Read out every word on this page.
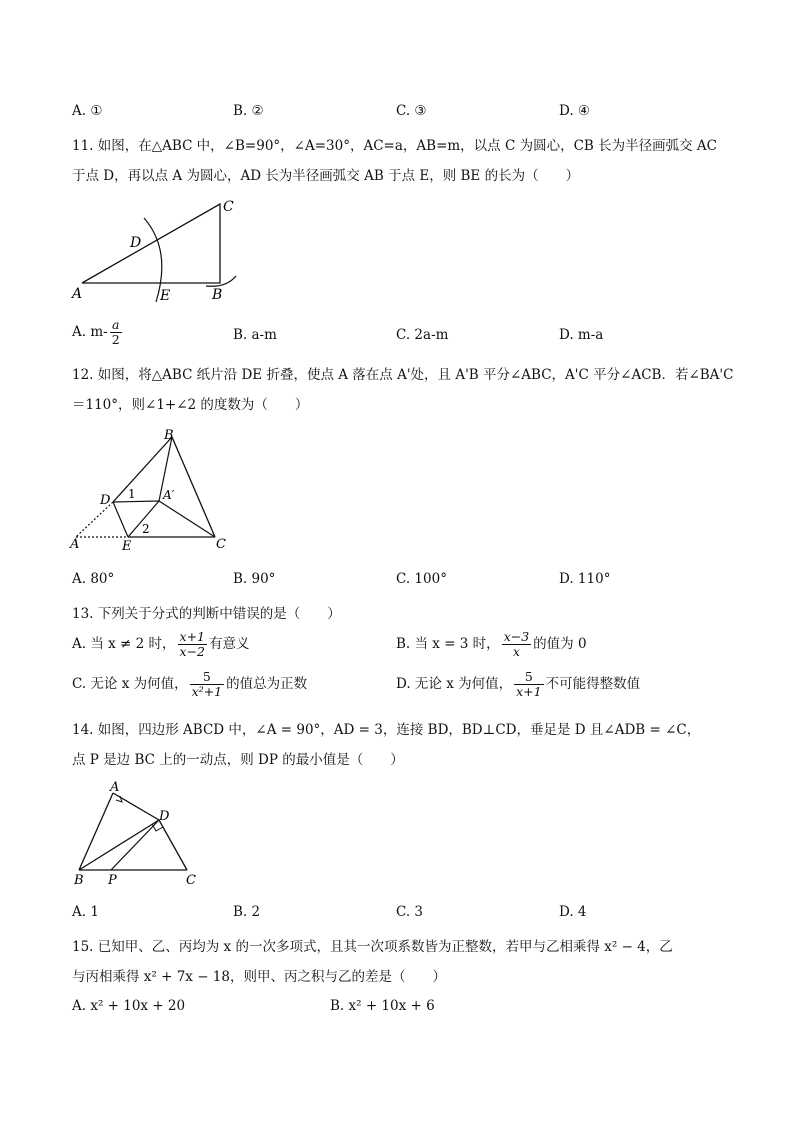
A. ①	B. ②	C. ③	D. ④
11. 如图，在△ABC 中，∠B=90°，∠A=30°，AC=a，AB=m，以点 C 为圆心，CB 长为半径画弧交 AC
于点 D，再以点 A 为圆心，AD 长为半径画弧交 AB 于点 E，则 BE 的长为（　　）
A	B
C
D
E
A. $m- \frac{a}{2}$	B. a-m	C. 2a-m	D. m-a
12. 如图，将△ABC 纸片沿 DE 折叠，使点 A 落在点 A'处，且 A'B 平分∠ABC，A'C 平分∠ACB．若∠BA'C
＝110°，则∠1+∠2 的度数为（　　）
B
D 1 A′
2
A	E	C
A. 80°	B. 90°	C. 100°	D. 110°
13. 下列关于分式的判断中错误的是（　　）
A. 当 x ≠ 2 时， $\frac{x+1}{x-2}$ 有意义	B. 当 x = 3 时， $\frac{x-3}{x}$ 的值为 0
C. 无论 x 为何值， $\frac{5}{\text{x²+1}}$ 的值总为正数	D. 无论 x 为何值， $\frac{5}{x+1}$ 不可能得整数值
14. 如图，四边形 ABCD 中，∠A = 90°，AD = 3，连接 BD，BD⊥CD，垂足是 D 且∠ADB = ∠C，
点 P 是边 BC 上的一动点，则 DP 的最小值是（　　）
A
D
B P	C
A. 1	B. 2	C. 3	D. 4
15. 已知甲、乙、丙均为 x 的一次多项式，且其一次项系数皆为正整数，若甲与乙相乘得 x² − 4，乙
与丙相乘得 x² + 7x − 18，则甲、丙之积与乙的差是（　　）
A. x² + 10x + 20	B. x² + 10x + 6
